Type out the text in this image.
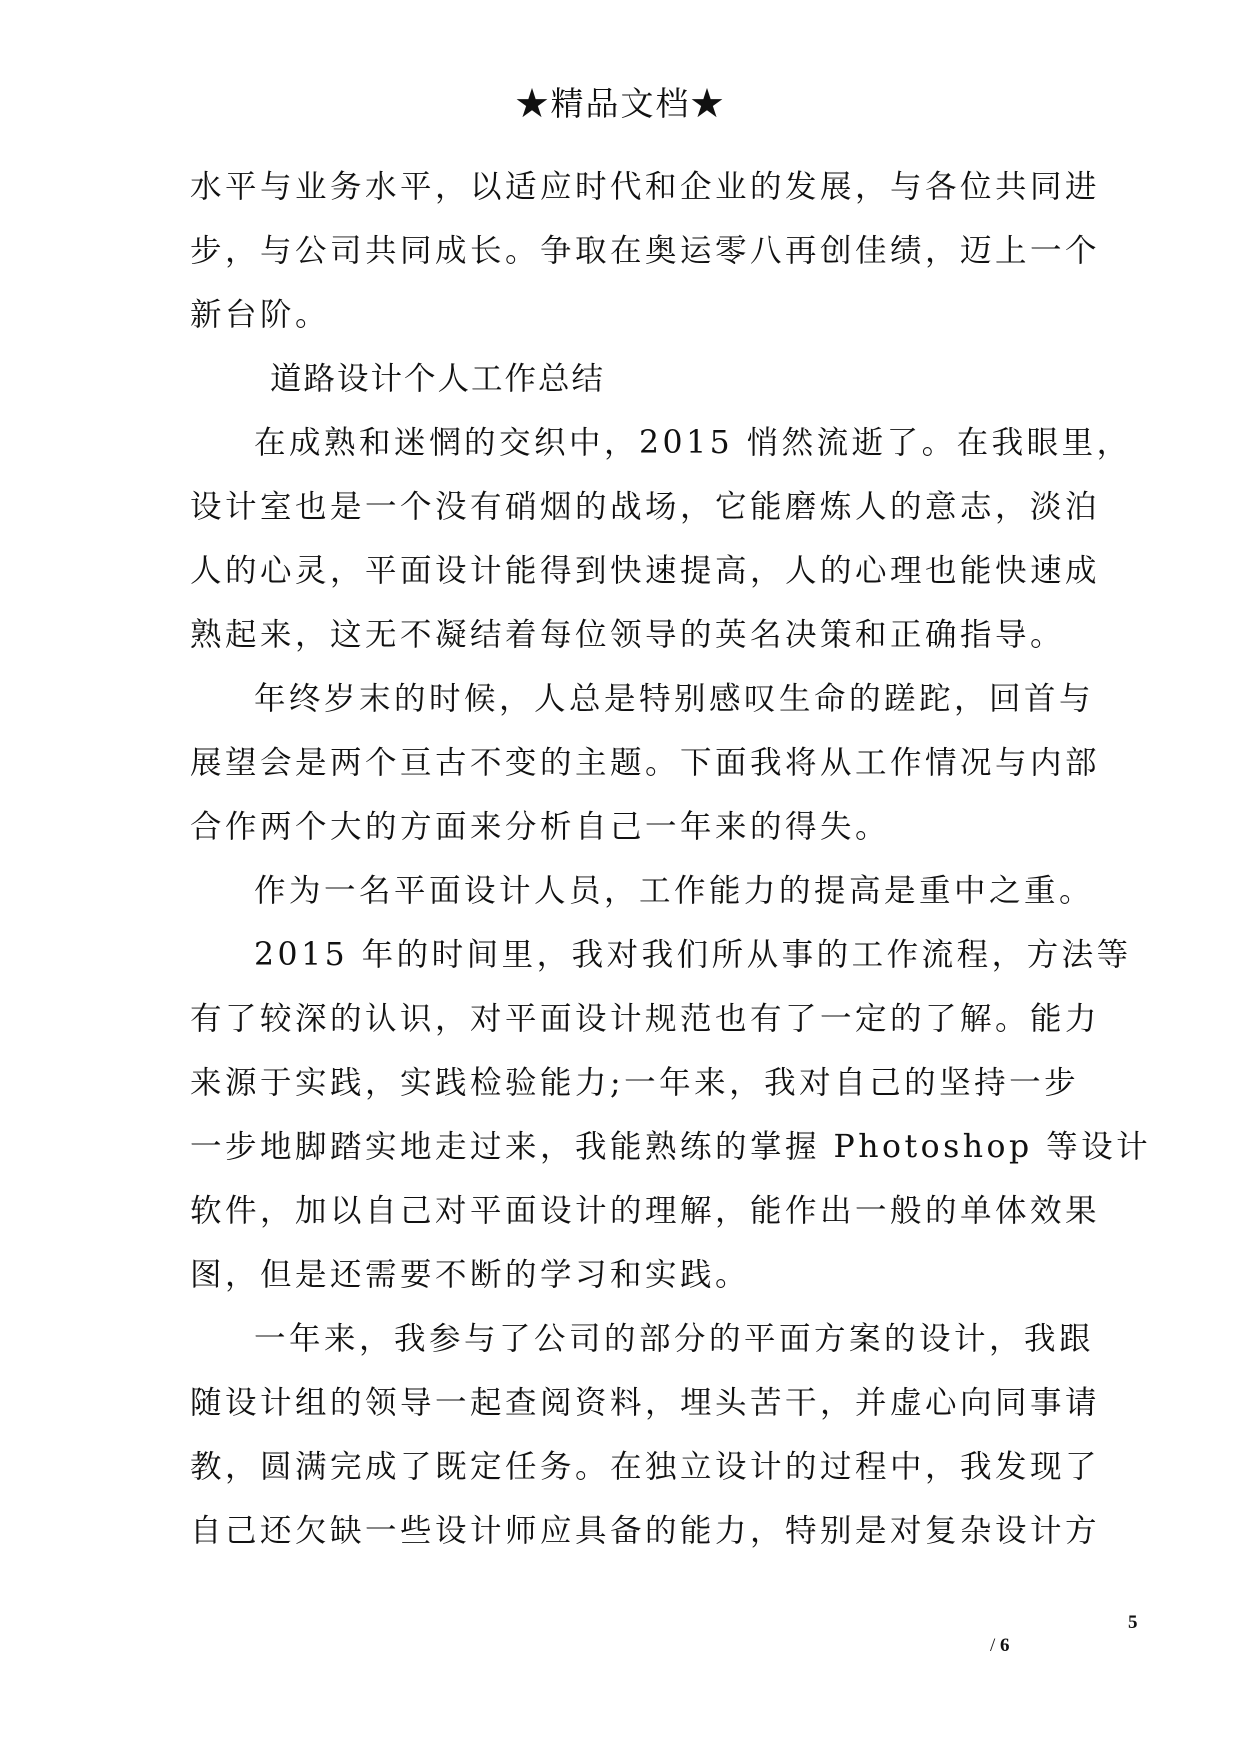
★精品文档★
水平与业务水平，以适应时代和企业的发展，与各位共同进
步，与公司共同成长。争取在奥运零八再创佳绩，迈上一个
新台阶。
道路设计个人工作总结
在成熟和迷惘的交织中，2015 悄然流逝了。在我眼里，
设计室也是一个没有硝烟的战场，它能磨炼人的意志，淡泊
人的心灵，平面设计能得到快速提高，人的心理也能快速成
熟起来，这无不凝结着每位领导的英名决策和正确指导。
年终岁末的时候，人总是特别感叹生命的蹉跎，回首与
展望会是两个亘古不变的主题。下面我将从工作情况与内部
合作两个大的方面来分析自己一年来的得失。
作为一名平面设计人员，工作能力的提高是重中之重。
2015 年的时间里，我对我们所从事的工作流程，方法等
有了较深的认识，对平面设计规范也有了一定的了解。能力
来源于实践，实践检验能力;一年来，我对自己的坚持一步
一步地脚踏实地走过来，我能熟练的掌握 Photoshop 等设计
软件，加以自己对平面设计的理解，能作出一般的单体效果
图，但是还需要不断的学习和实践。
一年来，我参与了公司的部分的平面方案的设计，我跟
随设计组的领导一起查阅资料，埋头苦干，并虚心向同事请
教，圆满完成了既定任务。在独立设计的过程中，我发现了
自己还欠缺一些设计师应具备的能力，特别是对复杂设计方
5
/ 6
